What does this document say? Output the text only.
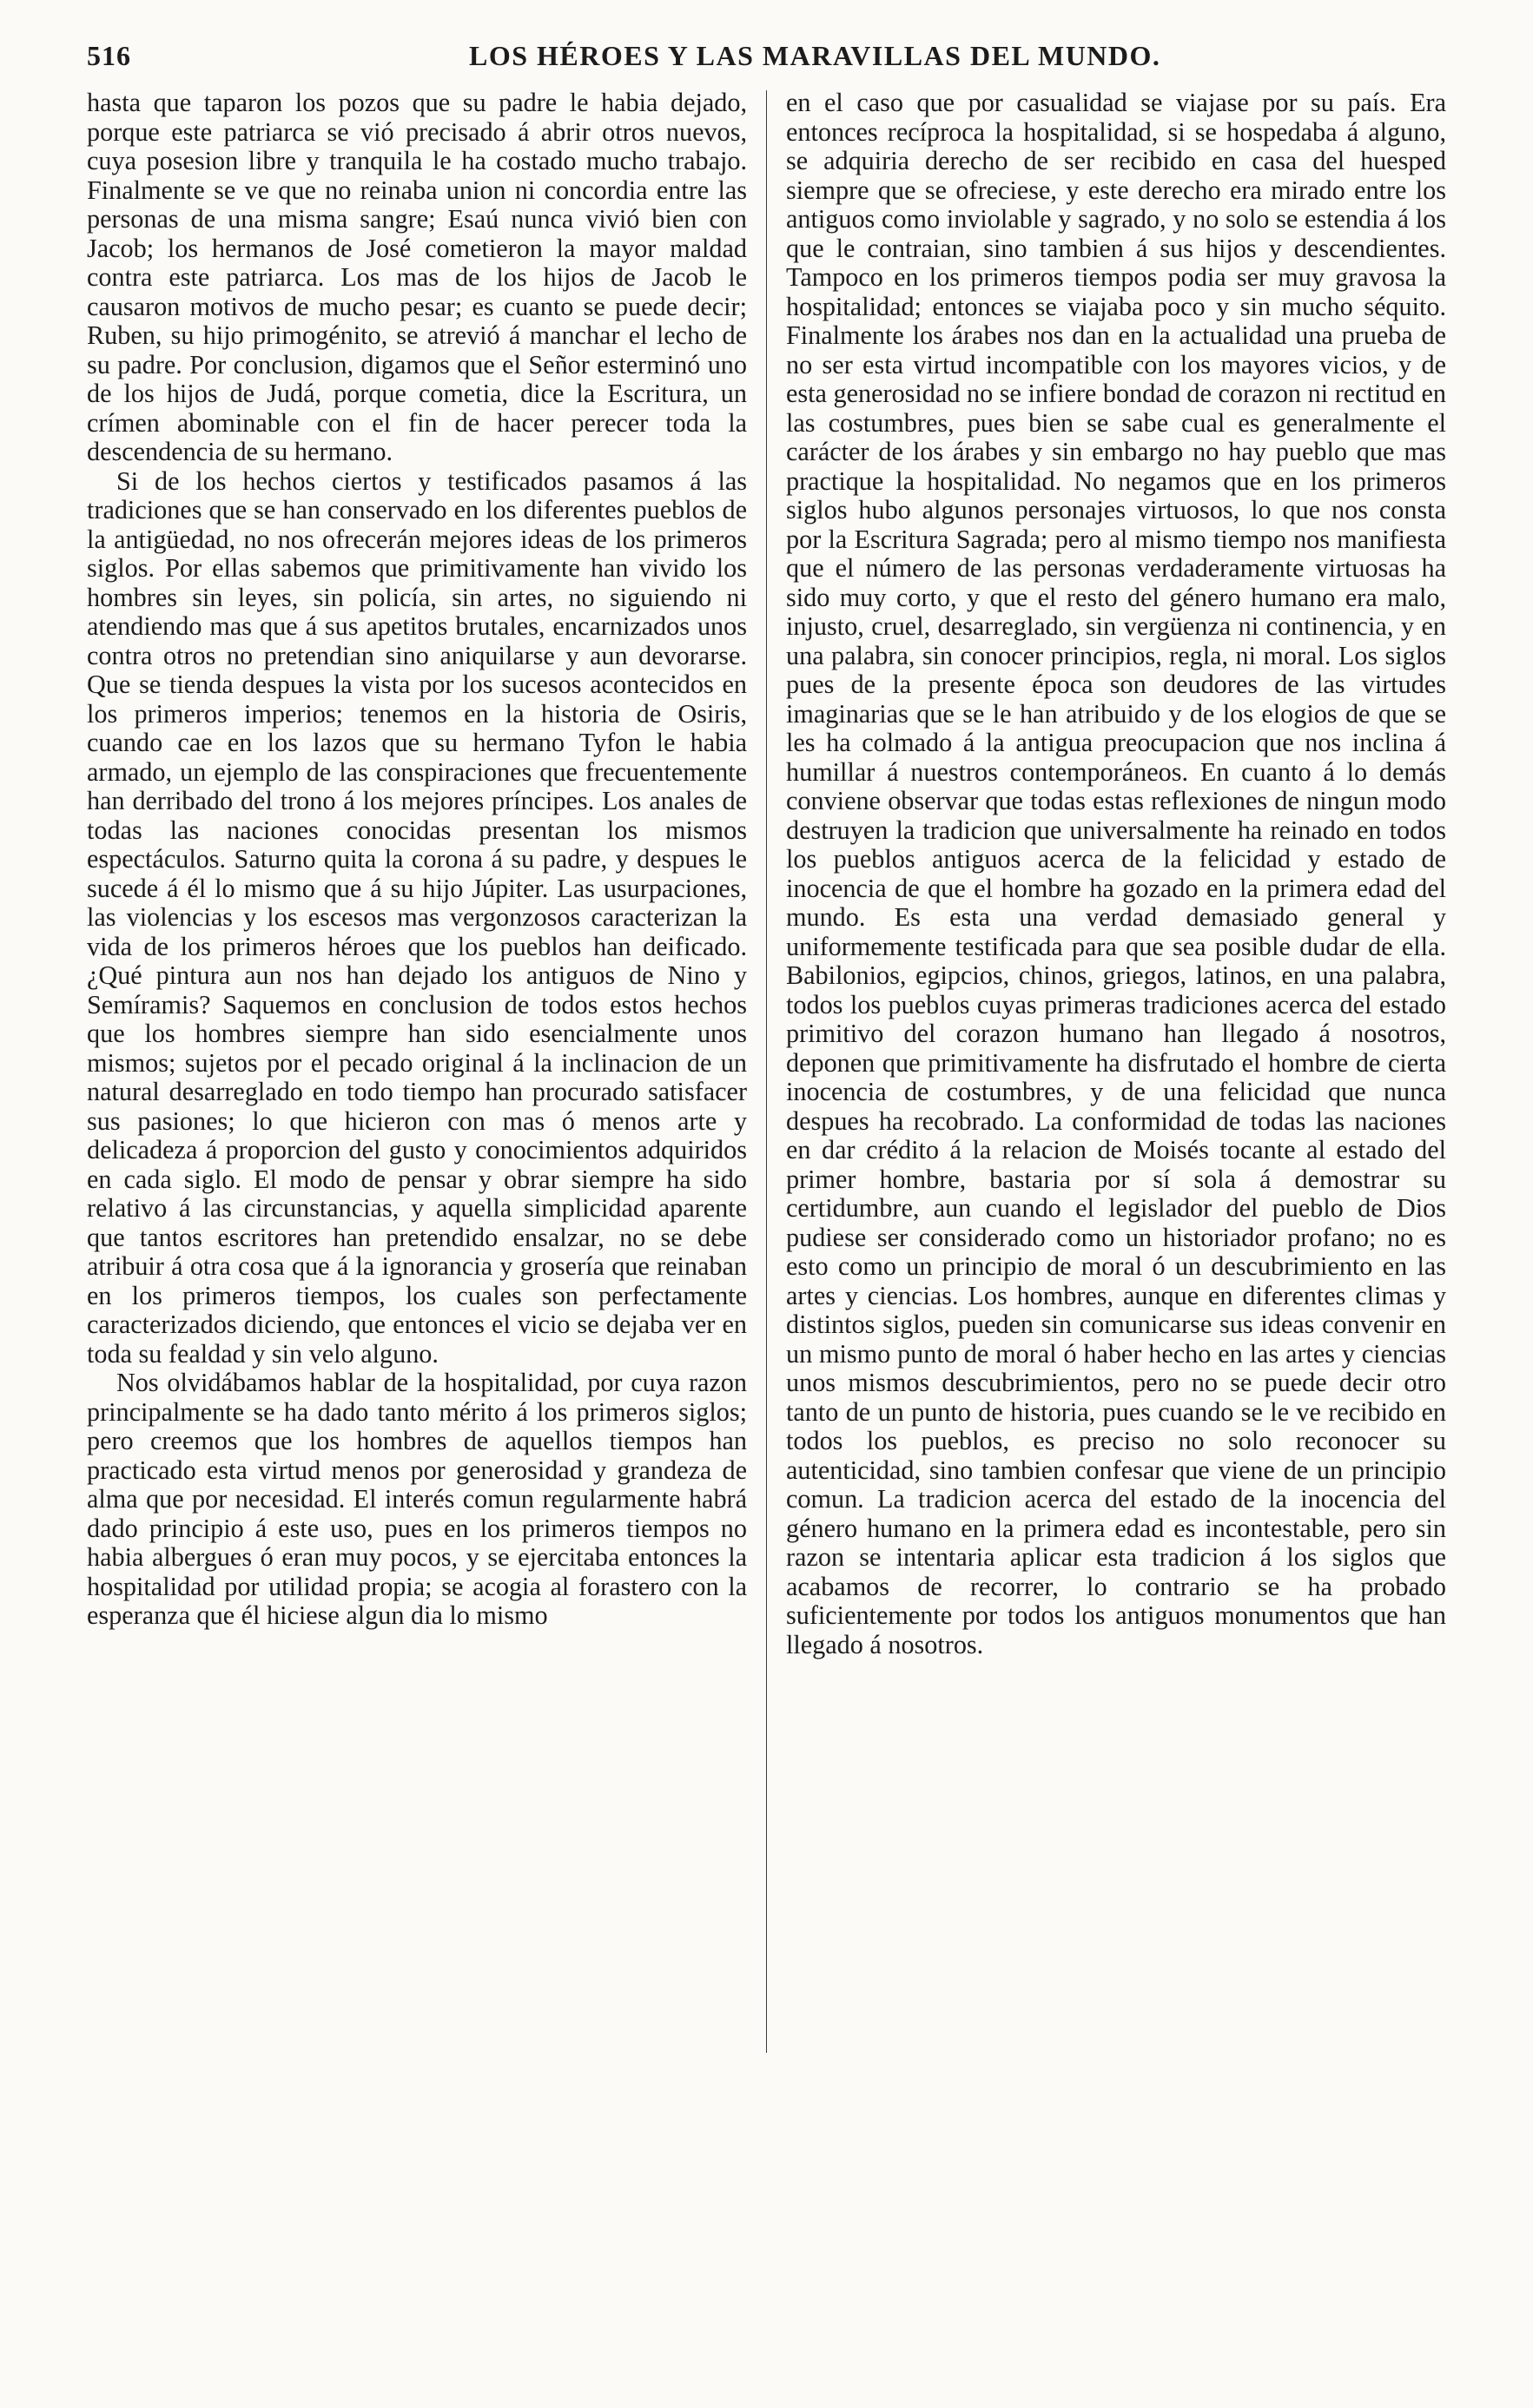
516	LOS HÉROES Y LAS MARAVILLAS DEL MUNDO.

hasta que taparon los pozos que su padre le habia dejado, porque este patriarca se vió precisado á abrir otros nuevos, cuya posesion libre y tranquila le ha costado mucho trabajo. Finalmente se ve que no reinaba union ni concordia entre las personas de una misma sangre; Esaú nunca vivió bien con Jacob; los hermanos de José cometieron la mayor maldad contra este patriarca. Los mas de los hijos de Jacob le causaron motivos de mucho pesar; es cuanto se puede decir; Ruben, su hijo primogénito, se atrevió á manchar el lecho de su padre. Por conclusion, digamos que el Señor esterminó uno de los hijos de Judá, porque cometia, dice la Escritura, un crímen abominable con el fin de hacer perecer toda la descendencia de su hermano.

Si de los hechos ciertos y testificados pasamos á las tradiciones que se han conservado en los diferentes pueblos de la antigüedad, no nos ofrecerán mejores ideas de los primeros siglos. Por ellas sabemos que primitivamente han vivido los hombres sin leyes, sin policía, sin artes, no siguiendo ni atendiendo mas que á sus apetitos brutales, encarnizados unos contra otros no pretendian sino aniquilarse y aun devorarse. Que se tienda despues la vista por los sucesos acontecidos en los primeros imperios; tenemos en la historia de Osiris, cuando cae en los lazos que su hermano Tyfon le habia armado, un ejemplo de las conspiraciones que frecuentemente han derribado del trono á los mejores príncipes. Los anales de todas las naciones conocidas presentan los mismos espectáculos. Saturno quita la corona á su padre, y despues le sucede á él lo mismo que á su hijo Júpiter. Las usurpaciones, las violencias y los escesos mas vergonzosos caracterizan la vida de los primeros héroes que los pueblos han deificado. ¿Qué pintura aun nos han dejado los antiguos de Nino y Semíramis? Saquemos en conclusion de todos estos hechos que los hombres siempre han sido esencialmente unos mismos; sujetos por el pecado original á la inclinacion de un natural desarreglado en todo tiempo han procurado satisfacer sus pasiones; lo que hicieron con mas ó menos arte y delicadeza á proporcion del gusto y conocimientos adquiridos en cada siglo. El modo de pensar y obrar siempre ha sido relativo á las circunstancias, y aquella simplicidad aparente que tantos escritores han pretendido ensalzar, no se debe atribuir á otra cosa que á la ignorancia y grosería que reinaban en los primeros tiempos, los cuales son perfectamente caracterizados diciendo, que entonces el vicio se dejaba ver en toda su fealdad y sin velo alguno.

Nos olvidábamos hablar de la hospitalidad, por cuya razon principalmente se ha dado tanto mérito á los primeros siglos; pero creemos que los hombres de aquellos tiempos han practicado esta virtud menos por generosidad y grandeza de alma que por necesidad. El interés comun regularmente habrá dado principio á este uso, pues en los primeros tiempos no habia albergues ó eran muy pocos, y se ejercitaba entonces la hospitalidad por utilidad propia; se acogia al forastero con la esperanza que él hiciese algun dia lo mismo

en el caso que por casualidad se viajase por su país. Era entonces recíproca la hospitalidad, si se hospedaba á alguno, se adquiria derecho de ser recibido en casa del huesped siempre que se ofreciese, y este derecho era mirado entre los antiguos como inviolable y sagrado, y no solo se estendia á los que le contraian, sino tambien á sus hijos y descendientes. Tampoco en los primeros tiempos podia ser muy gravosa la hospitalidad; entonces se viajaba poco y sin mucho séquito. Finalmente los árabes nos dan en la actualidad una prueba de no ser esta virtud incompatible con los mayores vicios, y de esta generosidad no se infiere bondad de corazon ni rectitud en las costumbres, pues bien se sabe cual es generalmente el carácter de los árabes y sin embargo no hay pueblo que mas practique la hospitalidad. No negamos que en los primeros siglos hubo algunos personajes virtuosos, lo que nos consta por la Escritura Sagrada; pero al mismo tiempo nos manifiesta que el número de las personas verdaderamente virtuosas ha sido muy corto, y que el resto del género humano era malo, injusto, cruel, desarreglado, sin vergüenza ni continencia, y en una palabra, sin conocer principios, regla, ni moral. Los siglos pues de la presente época son deudores de las virtudes imaginarias que se le han atribuido y de los elogios de que se les ha colmado á la antigua preocupacion que nos inclina á humillar á nuestros contemporáneos. En cuanto á lo demás conviene observar que todas estas reflexiones de ningun modo destruyen la tradicion que universalmente ha reinado en todos los pueblos antiguos acerca de la felicidad y estado de inocencia de que el hombre ha gozado en la primera edad del mundo. Es esta una verdad demasiado general y uniformemente testificada para que sea posible dudar de ella. Babilonios, egipcios, chinos, griegos, latinos, en una palabra, todos los pueblos cuyas primeras tradiciones acerca del estado primitivo del corazon humano han llegado á nosotros, deponen que primitivamente ha disfrutado el hombre de cierta inocencia de costumbres, y de una felicidad que nunca despues ha recobrado. La conformidad de todas las naciones en dar crédito á la relacion de Moisés tocante al estado del primer hombre, bastaria por sí sola á demostrar su certidumbre, aun cuando el legislador del pueblo de Dios pudiese ser considerado como un historiador profano; no es esto como un principio de moral ó un descubrimiento en las artes y ciencias. Los hombres, aunque en diferentes climas y distintos siglos, pueden sin comunicarse sus ideas convenir en un mismo punto de moral ó haber hecho en las artes y ciencias unos mismos descubrimientos, pero no se puede decir otro tanto de un punto de historia, pues cuando se le ve recibido en todos los pueblos, es preciso no solo reconocer su autenticidad, sino tambien confesar que viene de un principio comun. La tradicion acerca del estado de la inocencia del género humano en la primera edad es incontestable, pero sin razon se intentaria aplicar esta tradicion á los siglos que acabamos de recorrer, lo contrario se ha probado suficientemente por todos los antiguos monumentos que han llegado á nosotros.
